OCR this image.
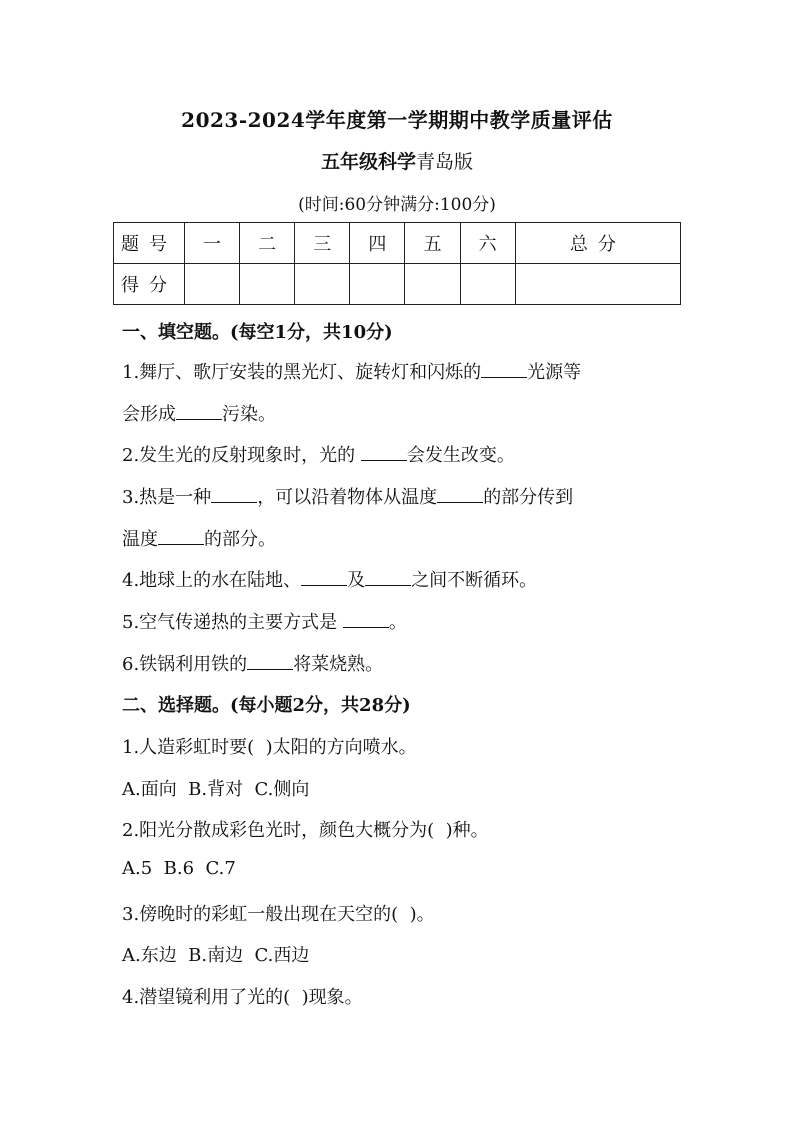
2023-2024学年度第一学期期中教学质量评估
五年级科学青岛版
(时间:60分钟满分:100分)
题号	一	二	三	四	五	六	总分
得分							
一、填空题。(每空1分，共10分)
1.舞厅、歌厅安装的黑光灯、旋转灯和闪烁的	光源等
会形成	污染。
2.发生光的反射现象时，光的	会发生改变。
3.热是一种	，可以沿着物体从温度	的部分传到
温度	的部分。
4.地球上的水在陆地、	及	之间不断循环。
5.空气传递热的主要方式是	。
6.铁锅利用铁的	将菜烧熟。
二、选择题。(每小题2分，共28分)
1.人造彩虹时要(  )太阳的方向喷水。
A.面向  B.背对  C.侧向
2.阳光分散成彩色光时，颜色大概分为(  )种。
A.5  B.6  C.7
3.傍晚时的彩虹一般出现在天空的(  )。
A.东边  B.南边  C.西边
4.潜望镜利用了光的(  )现象。
